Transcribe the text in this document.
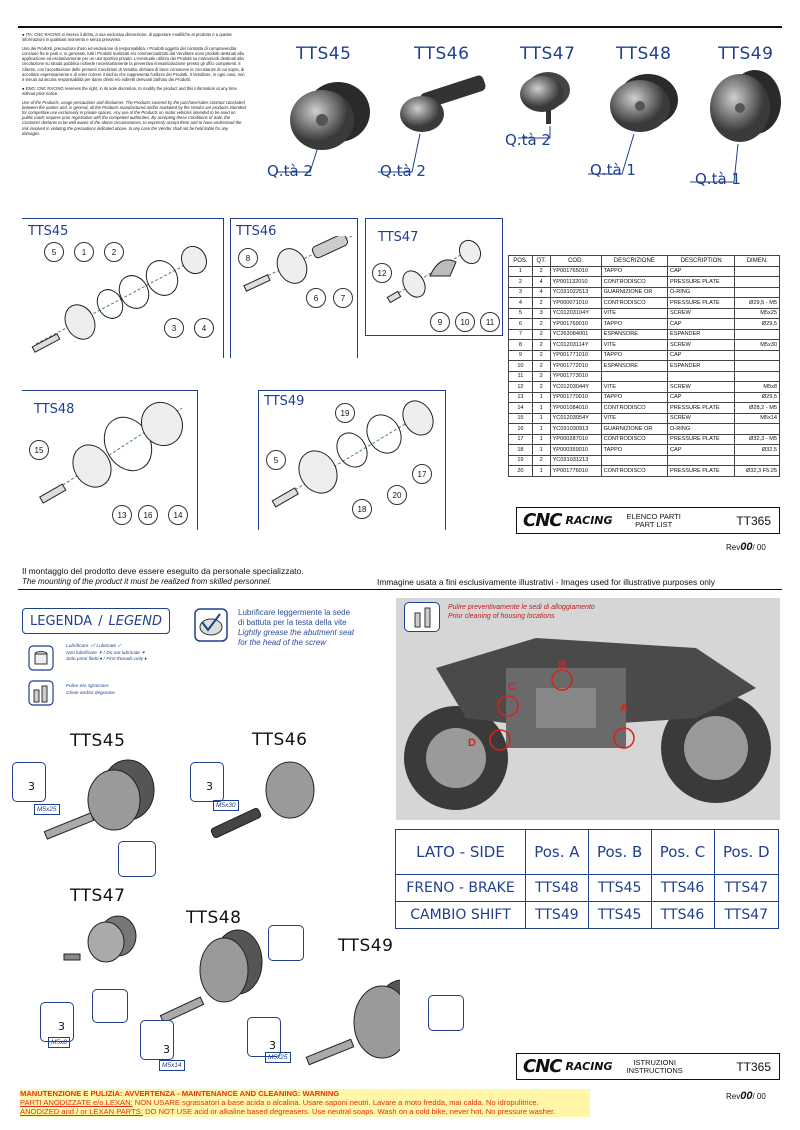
● ITA: CNC RACING si riserva il diritto, a sua esclusiva discrezione, di apportare modifiche al prodotto e a queste informazioni in qualsiasi momento e senza preavviso.

Uso dei Prodotti, precauzioni d'uso ed esclusione di responsabilità. I Prodotti oggetto del contratto di compravendita concluso fra le parti e, in generale, tutti i Prodotti realizzati e/o commercializzati dal Venditore sono prodotti destinati alla applicazione ed esclusivamente per un uso sportivo privato. L'eventuale utilizzo dei Prodotti su motoveicoli destinati alla circolazione su strada pubblica richiede necessariamente la preventiva immatricolazione presso gli uffici competenti. Il Cliente, con l'accettazione delle presenti Condizioni di Vendita, dichiara di bene conoscere le circostanze di cui sopra, di accettare espressamente e di voler correre il rischio che rappresenta l'utilizzo dei Prodotti. Il Venditore, in ogni caso, non è tenuto ad alcuna responsabilità per danni diretti e/o indiretti derivanti dall'uso dei Prodotti.

● ENG: CNC RACING reserves the right, in its sole discretion, to modify the product and this information at any time without prior notice.

Use of the Products, usage precautions and disclaimer. The Products covered by the purchase/sales contract concluded between the parties and, in general, all the Products manufactured and/or marketed by the Vendor are products intended for competitive use exclusively in private spaces. Any use of the Products on motor vehicles intended to be used on public roads requires prior registration with the competent authorities. By accepting these Conditions of Sale, the Customer declares to be well aware of the above circumstances, to expressly accept them and to have understood the risk involved in violating the precautions indicated above. In any case the Vendor shall not be held liable for any damages.

TTS45	TTS46	TTS47 TTS48	TTS49
Q.tà 2	Q.tà 2
Q.tà 2
Q.tà 1	Q.tà 1
TTS45	TTS46	TTS47
5	1	2
3	4
8
6	7
12
9	10	11
TTS48
TTS49
15
13	16	14
5
19
18
20
17
POS.	QT.	COD.	DESCRIZIONE	DESCRIPTION	DIMEN.
1	2	YP001765010	TAPPO	CAP	
2	4	YP001132010	CONTRODISCO	PRESSURE PLATE	
3	4	YC031022513	GUARNIZIONE OR	O-RING	
4	2	YP000071010	CONTRODISCO	PRESSURE PLATE	Ø29,5 - M5
5	3	YC01203104Y	VITE	SCREW	M5x25
6	2	YP001769010	TAPPO	CAP	Ø29,5
7	2	YC263084001	ESPANSORE	ESPANDER	
8	2	YC01203114Y	VITE	SCREW	M5x30
9	2	YP001771010	TAPPO	CAP	
10	2	YP001772010	ESPANSORE	ESPANDER	
11	2	YP001773010			
12	2	YC01203044Y	VITE	SCREW	M5x8
13	1	YP001770010	TAPPO	CAP	Ø29,5
14	1	YP001084010	CONTRODISCO	PRESSURE PLATE	Ø28,2 - M5
15	1	YC01203054Y	VITE	SCREW	M5x14
16	1	YC031030913	GUARNIZIONE OR	O-RING	
17	1	YP000287010	CONTRODISCO	PRESSURE PLATE	Ø32,3 - M5
18	1	YP000359010	TAPPO	CAP	Ø32,5
19	2	YC031031213			
20	1	YP001776010	CONTRODISCO	PRESSURE PLATE	Ø32,3 F5.25
CNC RACING ELENCO PARTI
PART LIST	TT365
Rev00/ 00
Il montaggio del prodotto deve essere eseguito da personale specializzato.
The mounting of the product it must be realized from skilled personnel.	Immagine usata a fini esclusivamente illustrativi - Images used for illustrative purposes only
LEGENDA / LEGEND
Lubrificare ✓/ Lubricate ✓
Non lubrificare ✦ / Do not lubricate ✦
Solo primi filetti ♦ / First threads only ♦
Pulire e/o sgrassare
Clean and/or degrease
Lubrificare leggermente la sede
di battuta per la testa della vite
Lightly grease the abutment seat
for the head of the screw
Pulire preventivamente le sedi di alloggiamento
Prior cleaning of housing locations
A
B
C
D
LATO - SIDE	Pos. A	Pos. B	Pos. C	Pos. D
FRENO - BRAKE	TTS48	TTS45	TTS46	TTS47
CAMBIO SHIFT	TTS49	TTS45	TTS46	TTS47
TTS45	TTS46
TTS47
TTS48
TTS49
3
M5x25
3
M5x30
3
M5x8
3
M5x14
3
M5x25	CNC RACING	ISTRUZIONI
INSTRUCTIONS	TT365
Rev00/ 00
MANUTENZIONE E PULIZIA: AVVERTENZA - MAINTENANCE AND CLEANING: WARNING
PARTI ANODIZZATE e/o LEXAN: NON USARE sgrassatori a base acida o alcalina. Usare saponi neutri. Lavare a moto fredda, mai calda. No idropulitrice.
ANODIZED and / or LEXAN PARTS: DO NOT USE acid or alkaline based degreasers. Use neutral soaps. Wash on a cold bike, never hot. No pressure washer.
